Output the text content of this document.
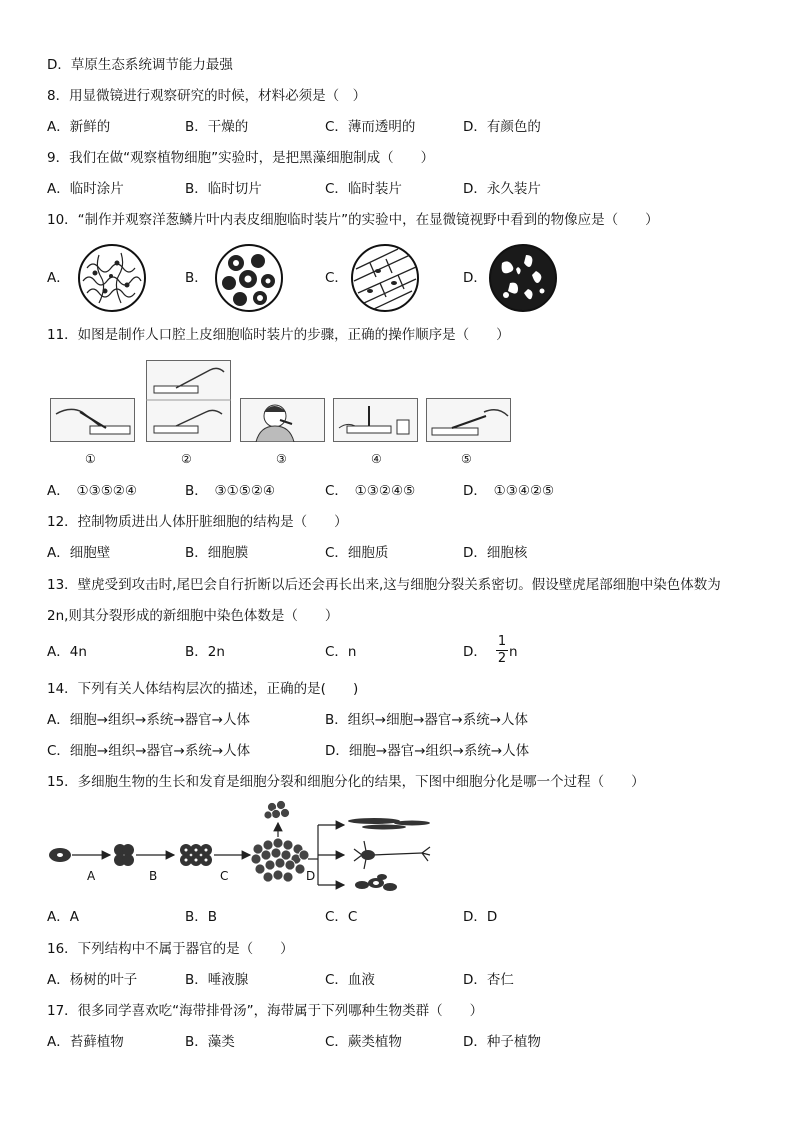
D．草原生态系统调节能力最强
8．用显微镜进行观察研究的时候，材料必须是（　）
A．新鲜的	B．干燥的	C．薄而透明的	D．有颜色的
9．我们在做“观察植物细胞”实验时，是把黑藻细胞制成（　　）
A．临时涂片	B．临时切片	C．临时装片	D．永久装片
10．“制作并观察洋葱鳞片叶内表皮细胞临时装片”的实验中，在显微镜视野中看到的物像应是（　　）
A．	B．	C．	D．
11．如图是制作人口腔上皮细胞临时装片的步骤，正确的操作顺序是（　　）
①	②	③	④	⑤
A．　①③⑤②④	B．　③①⑤②④	C．　①③②④⑤	D．　①③④②⑤
12．控制物质进出人体肝脏细胞的结构是（　　）
A．细胞壁	B．细胞膜	C．细胞质	D．细胞核
13．壁虎受到攻击时,尾巴会自行折断以后还会再长出来,这与细胞分裂关系密切。假设壁虎尾部细胞中染色体数为
2n,则其分裂形成的新细胞中染色体数是（　　）
A．4n	B．2n	C．n	D． $\frac{1}{2}$ n
14．下列有关人体结构层次的描述，正确的是(　　)
A．细胞→组织→系统→器官→人体	B．组织→细胞→器官→系统→人体
C．细胞→组织→器官→系统→人体	D．细胞→器官→组织→系统→人体
15．多细胞生物的生长和发育是细胞分裂和细胞分化的结果，下图中细胞分化是哪一个过程（　　）
A	B	C	D
A．A	B．B	C．C	D．D
16．下列结构中不属于器官的是（　　）
A．杨树的叶子	B．唾液腺	C．血液	D．杏仁
17．很多同学喜欢吃“海带排骨汤”，海带属于下列哪种生物类群（　　）
A．苔藓植物	B．藻类	C．蕨类植物	D．种子植物
